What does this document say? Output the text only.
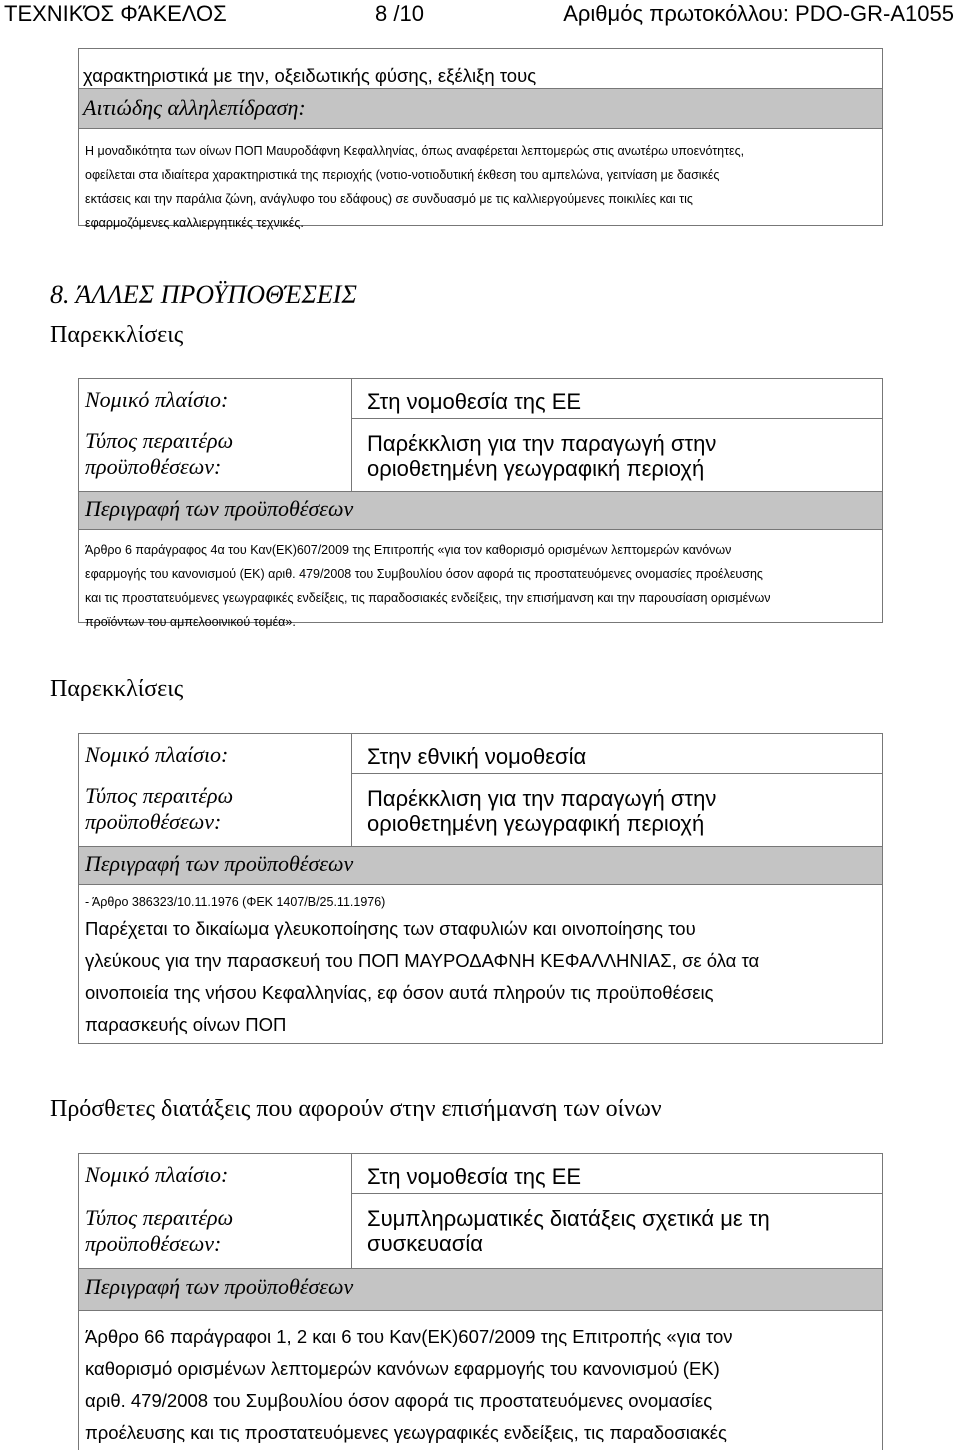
ΤΕΧΝΙΚΌΣ ΦΆΚΕΛΟΣ	8 /10	Αριθμός πρωτοκόλλου: PDO-GR-A1055
χαρακτηριστικά με την, οξειδωτικής φύσης, εξέλιξη τους
Αιτιώδης αλληλεπίδραση:
Η μοναδικότητα των οίνων ΠΟΠ Μαυροδάφνη Κεφαλληνίας, όπως αναφέρεται λεπτομερώς στις ανωτέρω υποενότητες,
οφείλεται στα ιδιαίτερα χαρακτηριστικά της περιοχής (νοτιο-νοτιοδυτική έκθεση του αμπελώνα, γειτνίαση με δασικές
εκτάσεις και την παράλια ζώνη, ανάγλυφο του εδάφους) σε συνδυασμό με τις καλλιεργούμενες ποικιλίες και τις
εφαρμοζόμενες καλλιεργητικές τεχνικές.
8. ΆΛΛΕΣ ΠΡΟΫΠΟΘΈΣΕΙΣ
Παρεκκλίσεις
Νομικό πλαίσιο:	Στη νομοθεσία της ΕΕ
Τύπος περαιτέρω προϋποθέσεων:
Παρέκκλιση για την παραγωγή στην οριοθετημένη γεωγραφική περιοχή
Περιγραφή των προϋποθέσεων
Άρθρο 6 παράγραφος 4α του Καν(ΕΚ)607/2009 της Επιτροπής «για τον καθορισμό ορισμένων λεπτομερών κανόνων
εφαρμογής του κανονισμού (ΕΚ) αριθ. 479/2008 του Συμβουλίου όσον αφορά τις προστατευόμενες ονομασίες προέλευσης
και τις προστατευόμενες γεωγραφικές ενδείξεις, τις παραδοσιακές ενδείξεις, την επισήμανση και την παρουσίαση ορισμένων
προϊόντων του αμπελοοινικού τομέα».
Παρεκκλίσεις
Νομικό πλαίσιο:	Στην εθνική νομοθεσία
Τύπος περαιτέρω προϋποθέσεων:
Παρέκκλιση για την παραγωγή στην οριοθετημένη γεωγραφική περιοχή
Περιγραφή των προϋποθέσεων
- Άρθρο 386323/10.11.1976 (ΦΕΚ 1407/Β/25.11.1976)
Παρέχεται το δικαίωμα γλευκοποίησης των σταφυλιών και οινοποίησης του
γλεύκους για την παρασκευή του ΠΟΠ ΜΑΥΡΟΔΑΦΝΗ ΚΕΦΑΛΛΗΝΙΑΣ, σε όλα τα
οινοποιεία της νήσου Κεφαλληνίας, εφ όσον αυτά πληρούν τις προϋποθέσεις
παρασκευής οίνων ΠΟΠ
Πρόσθετες διατάξεις που αφορούν στην επισήμανση των οίνων
Νομικό πλαίσιο:	Στη νομοθεσία της ΕΕ
Τύπος περαιτέρω προϋποθέσεων:
Συμπληρωματικές διατάξεις σχετικά με τη συσκευασία
Περιγραφή των προϋποθέσεων
Άρθρο 66 παράγραφοι 1, 2 και 6 του Καν(ΕΚ)607/2009 της Επιτροπής «για τον
καθορισμό ορισμένων λεπτομερών κανόνων εφαρμογής του κανονισμού (ΕΚ)
αριθ. 479/2008 του Συμβουλίου όσον αφορά τις προστατευόμενες ονομασίες
προέλευσης και τις προστατευόμενες γεωγραφικές ενδείξεις, τις παραδοσιακές
